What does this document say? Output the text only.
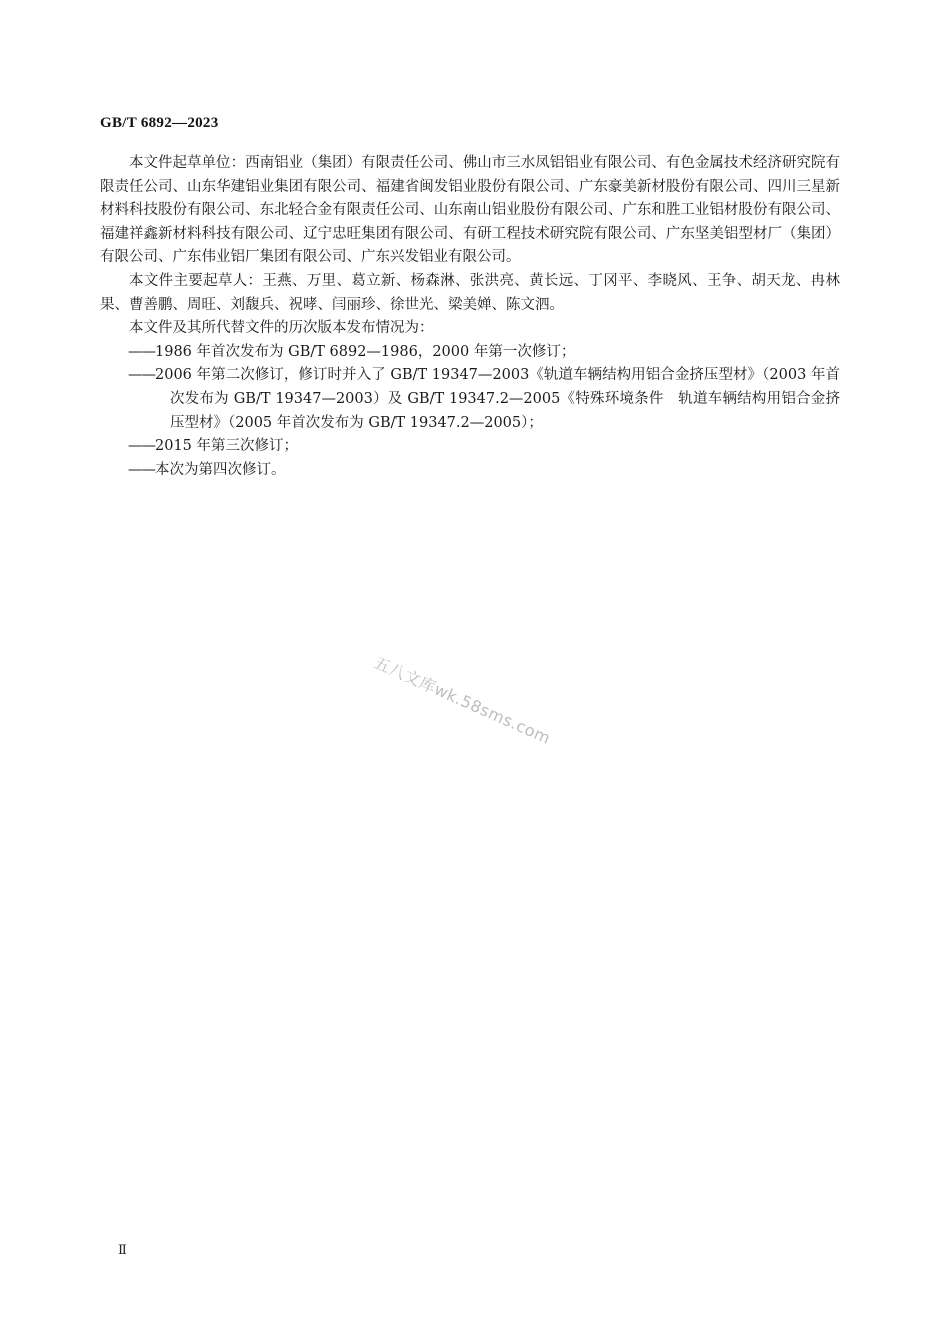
GB/T 6892—2023

本文件起草单位：西南铝业（集团）有限责任公司、佛山市三水凤铝铝业有限公司、有色金属技术经济研究院有限责任公司、山东华建铝业集团有限公司、福建省闽发铝业股份有限公司、广东豪美新材股份有限公司、四川三星新材料科技股份有限公司、东北轻合金有限责任公司、山东南山铝业股份有限公司、广东和胜工业铝材股份有限公司、福建祥鑫新材料科技有限公司、辽宁忠旺集团有限公司、有研工程技术研究院有限公司、广东坚美铝型材厂（集团）有限公司、广东伟业铝厂集团有限公司、广东兴发铝业有限公司。

本文件主要起草人：王燕、万里、葛立新、杨森淋、张洪亮、黄长远、丁冈平、李晓风、王争、胡天龙、冉林果、曹善鹏、周旺、刘馥兵、祝哮、闫丽珍、徐世光、梁美婵、陈文泗。

本文件及其所代替文件的历次版本发布情况为：

——1986 年首次发布为 GB/T 6892—1986，2000 年第一次修订；

——2006 年第二次修订，修订时并入了 GB/T 19347—2003《轨道车辆结构用铝合金挤压型材》（2003 年首次发布为 GB/T 19347—2003）及 GB/T 19347.2—2005《特殊环境条件　轨道车辆结构用铝合金挤压型材》（2005 年首次发布为 GB/T 19347.2—2005）；

——2015 年第三次修订；

——本次为第四次修订。

五八文库wk.58sms.com
Ⅱ
